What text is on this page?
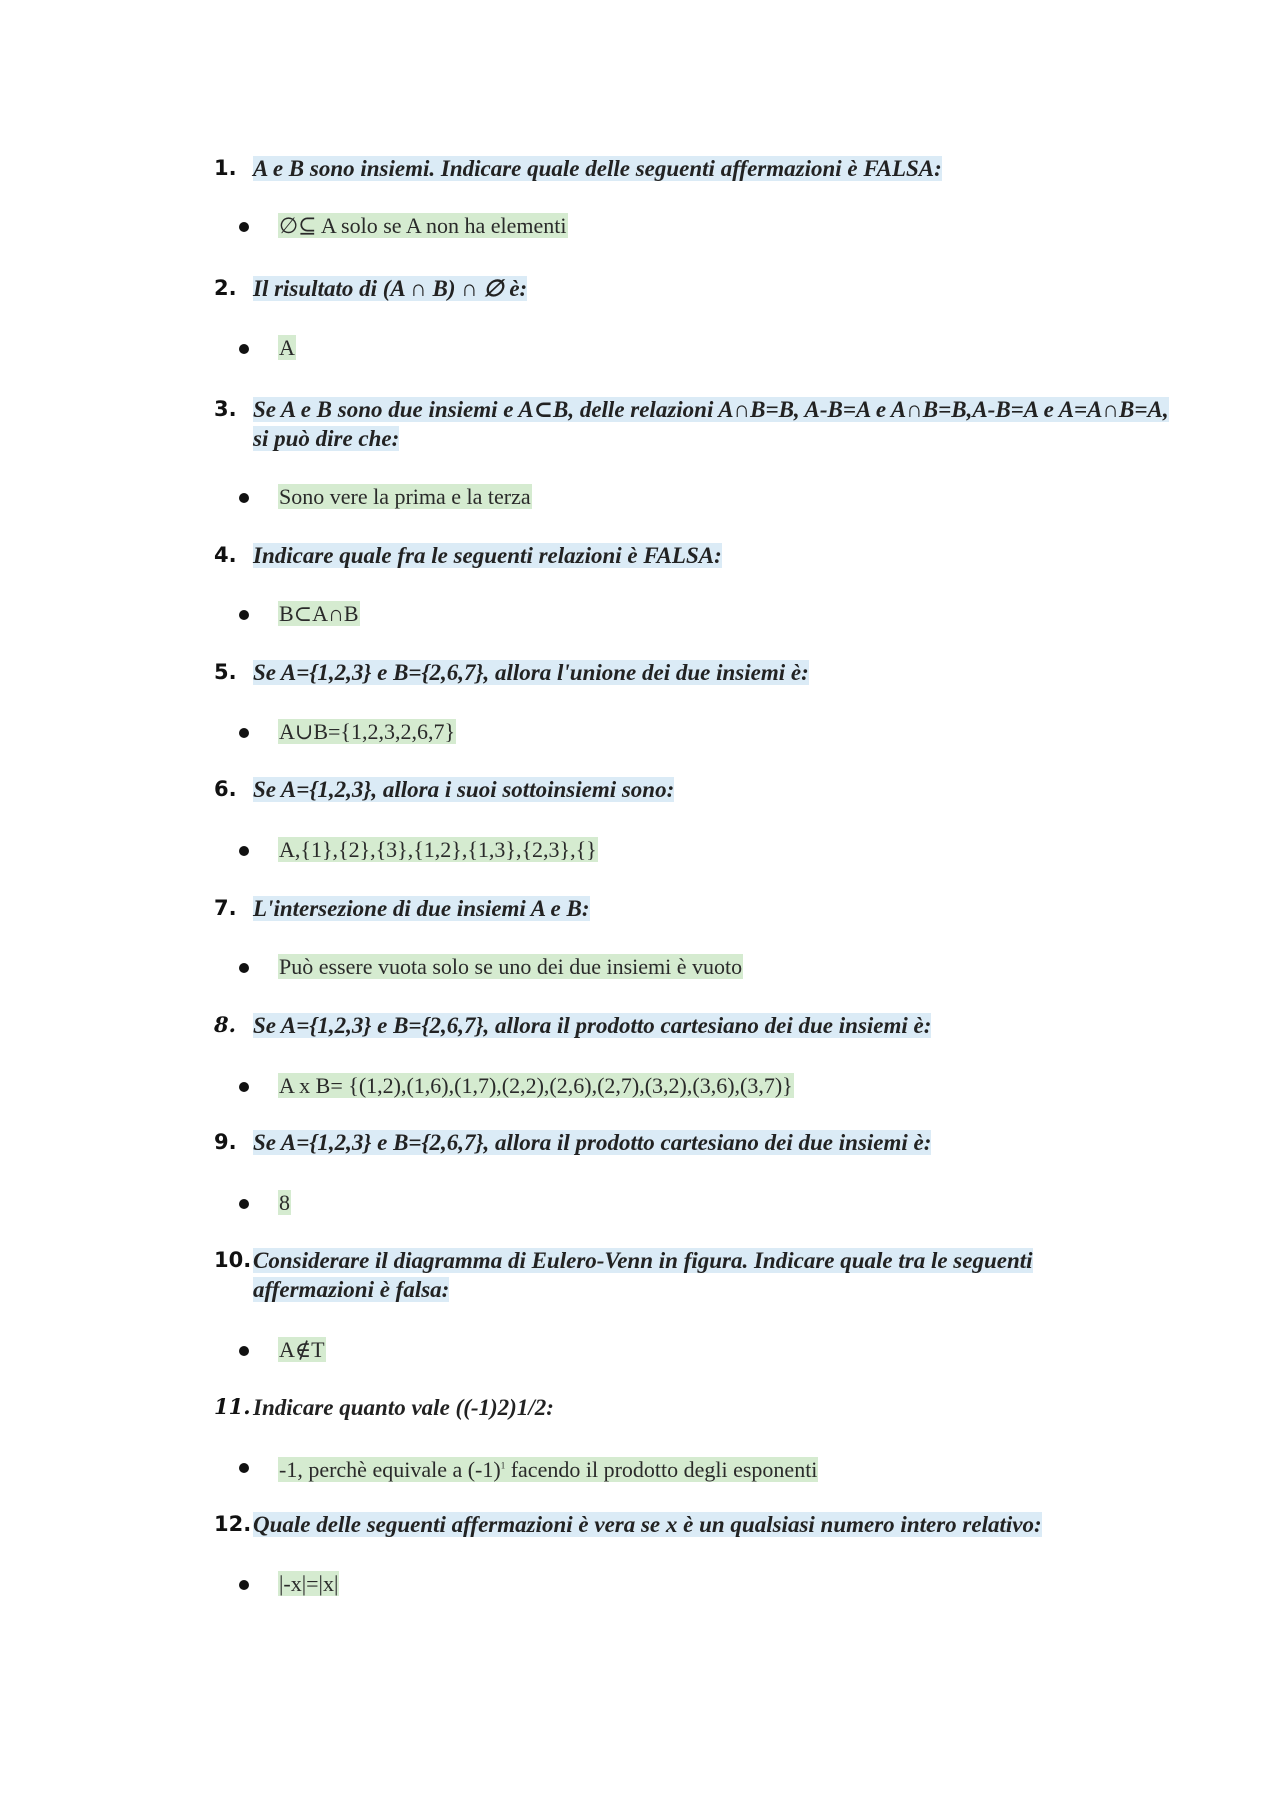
1. A e B sono insiemi. Indicare quale delle seguenti affermazioni è FALSA:
∅⊆ A solo se A non ha elementi
2. Il risultato di (A ∩ B) ∩ ∅ è:
A
3. Se A e B sono due insiemi e A⊂B, delle relazioni A∩B=B, A-B=A e A∩B=B,A-B=A e A=A∩B=A,
si può dire che:
Sono vere la prima e la terza
4. Indicare quale fra le seguenti relazioni è FALSA:
B⊂A∩B
5. Se A={1,2,3} e B={2,6,7}, allora l'unione dei due insiemi è:
A∪B={1,2,3,2,6,7}
6. Se A={1,2,3}, allora i suoi sottoinsiemi sono:
A,{1},{2},{3},{1,2},{1,3},{2,3},{}
7. L'intersezione di due insiemi A e B:
Può essere vuota solo se uno dei due insiemi è vuoto
8. Se A={1,2,3} e B={2,6,7}, allora il prodotto cartesiano dei due insiemi è:
A x B= {(1,2),(1,6),(1,7),(2,2),(2,6),(2,7),(3,2),(3,6),(3,7)}
9. Se A={1,2,3} e B={2,6,7}, allora il prodotto cartesiano dei due insiemi è:
8
10. Considerare il diagramma di Eulero-Venn in figura. Indicare quale tra le seguenti
affermazioni è falsa:
A∉T
11. Indicare quanto vale ((-1)2)1/2:
-1, perchè equivale a $(-1)^1$ facendo il prodotto degli esponenti
12. Quale delle seguenti affermazioni è vera se x è un qualsiasi numero intero relativo:
|-x|=|x|
